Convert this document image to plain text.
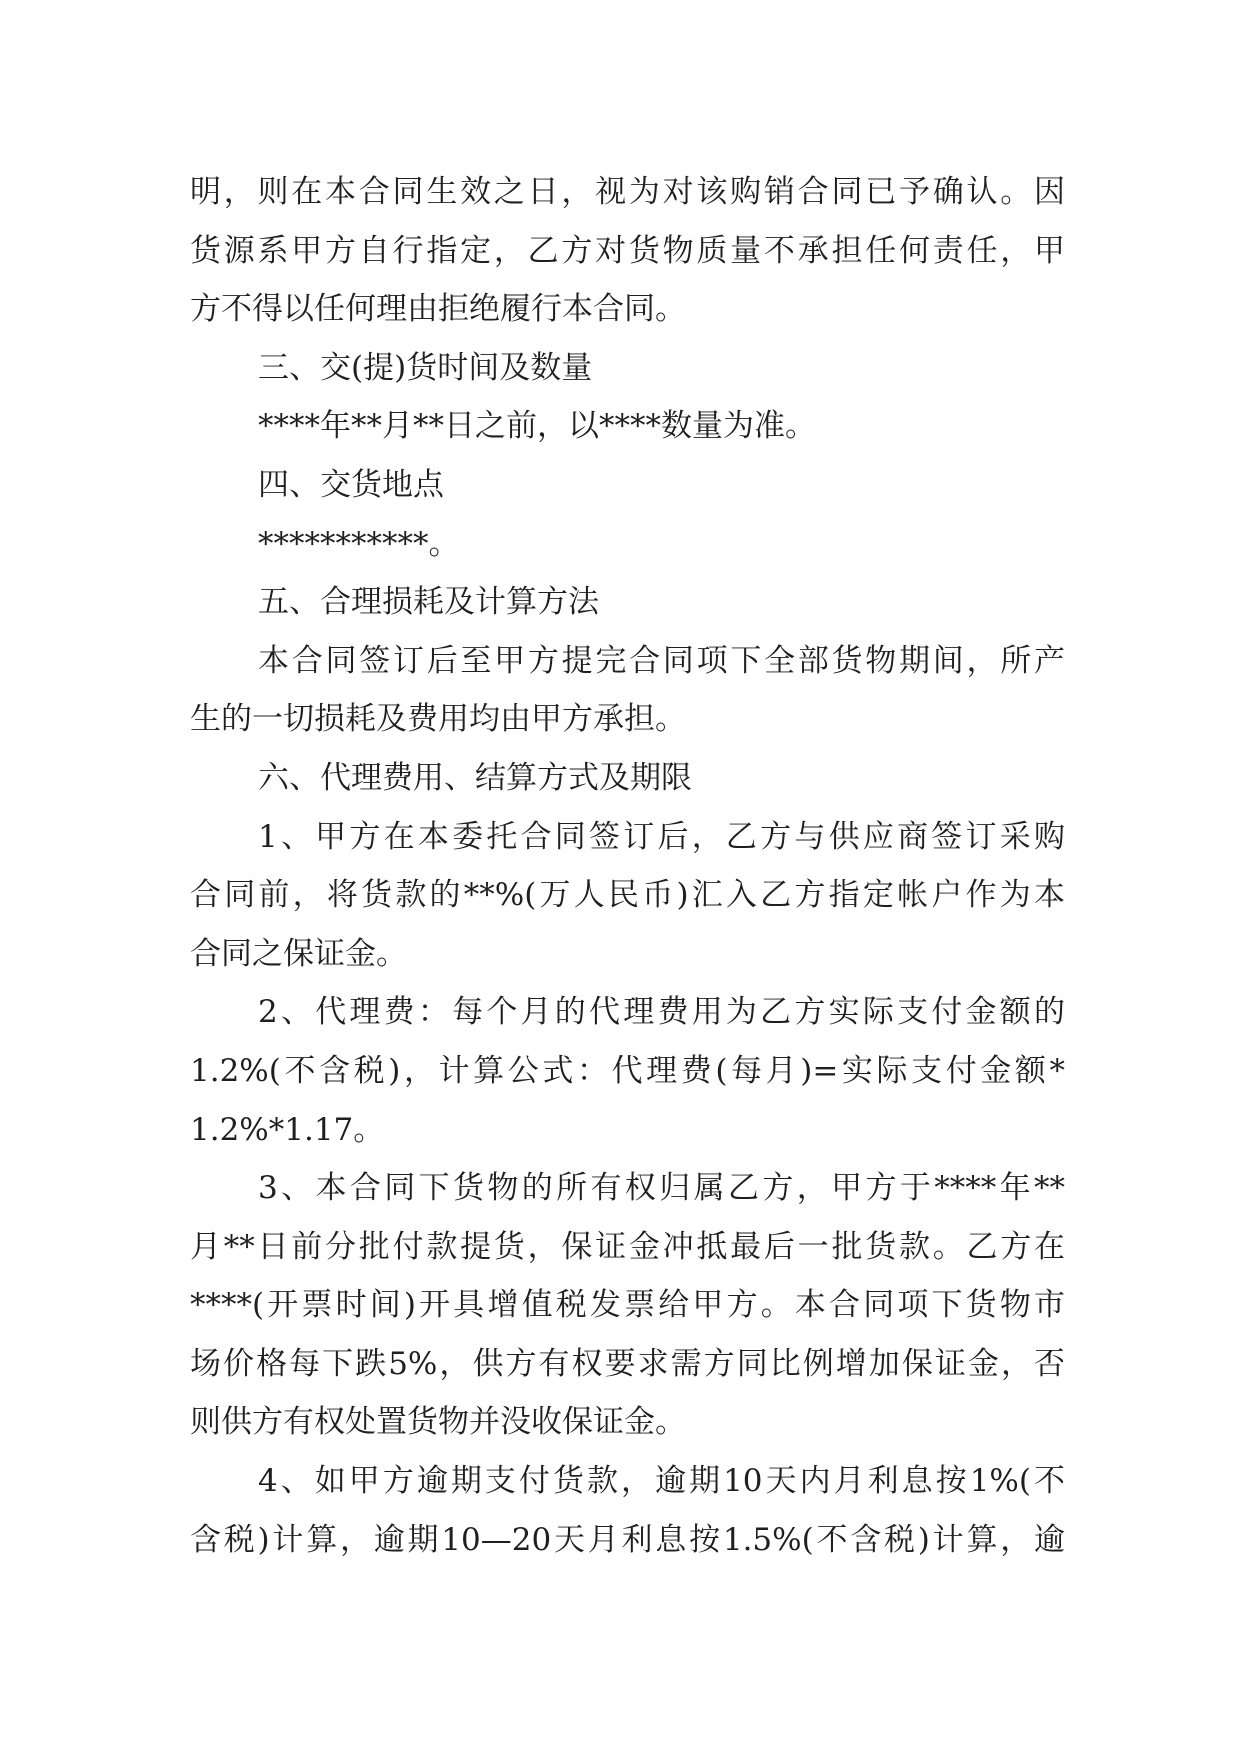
明，则在本合同生效之日，视为对该购销合同已予确认。因
货源系甲方自行指定，乙方对货物质量不承担任何责任，甲
方不得以任何理由拒绝履行本合同。
三、交(提)货时间及数量
****年**月**日之前，以****数量为准。
四、交货地点
***********。
五、合理损耗及计算方法
本合同签订后至甲方提完合同项下全部货物期间，所产
生的一切损耗及费用均由甲方承担。
六、代理费用、结算方式及期限
1、甲方在本委托合同签订后，乙方与供应商签订采购
合同前，将货款的**%(万人民币)汇入乙方指定帐户作为本
合同之保证金。
2、代理费：每个月的代理费用为乙方实际支付金额的
1.2%(不含税)，计算公式：代理费(每月)=实际支付金额*
1.2%*1.17。
3、本合同下货物的所有权归属乙方，甲方于****年**
月**日前分批付款提货，保证金冲抵最后一批货款。乙方在
****(开票时间)开具增值税发票给甲方。本合同项下货物市
场价格每下跌5%，供方有权要求需方同比例增加保证金，否
则供方有权处置货物并没收保证金。
4、如甲方逾期支付货款，逾期10天内月利息按1%(不
含税)计算，逾期10—20天月利息按1.5%(不含税)计算，逾
